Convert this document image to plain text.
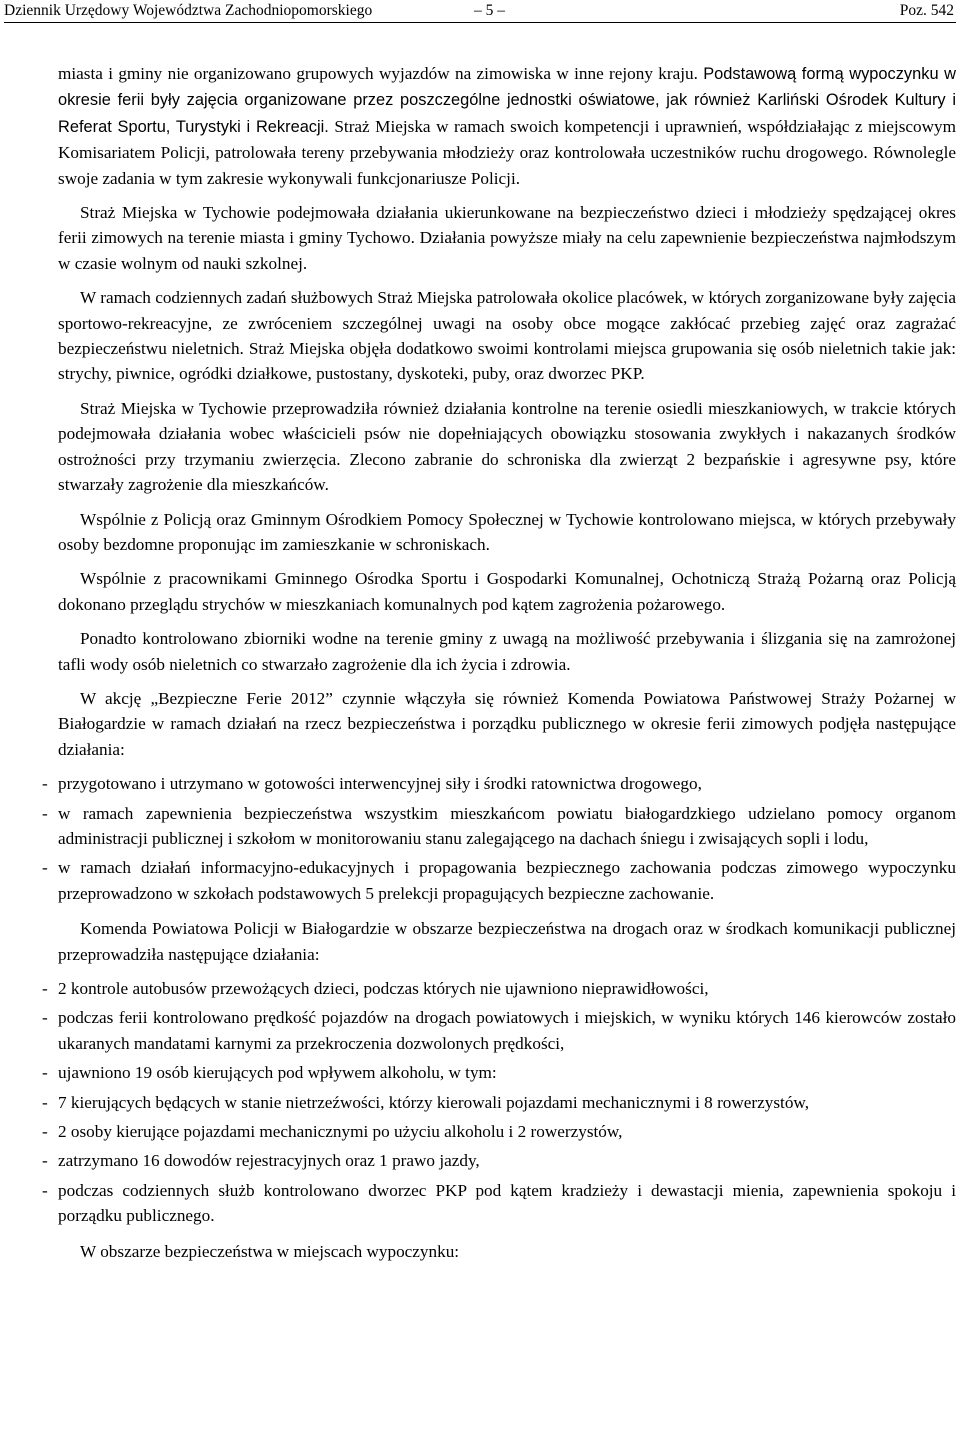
Dziennik Urzędowy Województwa Zachodniopomorskiego	– 5 –	Poz. 542

miasta i gminy nie organizowano grupowych wyjazdów na zimowiska w inne rejony kraju. Podstawową formą wypoczynku w okresie ferii były zajęcia organizowane przez poszczególne jednostki oświatowe, jak również Karliński Ośrodek Kultury i Referat Sportu, Turystyki i Rekreacji. Straż Miejska w ramach swoich kompetencji i uprawnień, współdziałając z miejscowym Komisariatem Policji, patrolowała tereny przebywania młodzieży oraz kontrolowała uczestników ruchu drogowego. Równolegle swoje zadania w tym zakresie wykonywali funkcjonariusze Policji.

Straż Miejska w Tychowie podejmowała działania ukierunkowane na bezpieczeństwo dzieci i młodzieży spędzającej okres ferii zimowych na terenie miasta i gminy Tychowo. Działania powyższe miały na celu zapewnienie bezpieczeństwa najmłodszym w czasie wolnym od nauki szkolnej.

W ramach codziennych zadań służbowych Straż Miejska patrolowała okolice placówek, w których zorganizowane były zajęcia sportowo-rekreacyjne, ze zwróceniem szczególnej uwagi na osoby obce mogące zakłócać przebieg zajęć oraz zagrażać bezpieczeństwu nieletnich. Straż Miejska objęła dodatkowo swoimi kontrolami miejsca grupowania się osób nieletnich takie jak: strychy, piwnice, ogródki działkowe, pustostany, dyskoteki, puby, oraz dworzec PKP.

Straż Miejska w Tychowie przeprowadziła również działania kontrolne na terenie osiedli mieszkaniowych, w trakcie których podejmowała działania wobec właścicieli psów nie dopełniających obowiązku stosowania zwykłych i nakazanych środków ostrożności przy trzymaniu zwierzęcia. Zlecono zabranie do schroniska dla zwierząt 2 bezpańskie i agresywne psy, które stwarzały zagrożenie dla mieszkańców.

Wspólnie z Policją oraz Gminnym Ośrodkiem Pomocy Społecznej w Tychowie kontrolowano miejsca, w których przebywały osoby bezdomne proponując im zamieszkanie w schroniskach.

Wspólnie z pracownikami Gminnego Ośrodka Sportu i Gospodarki Komunalnej, Ochotniczą Strażą Pożarną oraz Policją dokonano przeglądu strychów w mieszkaniach komunalnych pod kątem zagrożenia pożarowego.

Ponadto kontrolowano zbiorniki wodne na terenie gminy z uwagą na możliwość przebywania i ślizgania się na zamrożonej tafli wody osób nieletnich co stwarzało zagrożenie dla ich życia i zdrowia.

W akcję „Bezpieczne Ferie 2012” czynnie włączyła się również Komenda Powiatowa Państwowej Straży Pożarnej w Białogardzie w ramach działań na rzecz bezpieczeństwa i porządku publicznego w okresie ferii zimowych podjęła następujące działania:

- przygotowano i utrzymano w gotowości interwencyjnej siły i środki ratownictwa drogowego,
- w ramach zapewnienia bezpieczeństwa wszystkim mieszkańcom powiatu białogardzkiego udzielano pomocy organom administracji publicznej i szkołom w monitorowaniu stanu zalegającego na dachach śniegu i zwisających sopli i lodu,
- w ramach działań informacyjno-edukacyjnych i propagowania bezpiecznego zachowania podczas zimowego wypoczynku przeprowadzono w szkołach podstawowych 5 prelekcji propagujących bezpieczne zachowanie.

Komenda Powiatowa Policji w Białogardzie w obszarze bezpieczeństwa na drogach oraz w środkach komunikacji publicznej przeprowadziła następujące działania:

- 2 kontrole autobusów przewożących dzieci, podczas których nie ujawniono nieprawidłowości,
- podczas ferii kontrolowano prędkość pojazdów na drogach powiatowych i miejskich, w wyniku których 146 kierowców zostało ukaranych mandatami karnymi za przekroczenia dozwolonych prędkości,
- ujawniono 19 osób kierujących pod wpływem alkoholu, w tym:
- 7 kierujących będących w stanie nietrzeźwości, którzy kierowali pojazdami mechanicznymi i 8 rowerzystów,
- 2 osoby kierujące pojazdami mechanicznymi po użyciu alkoholu i 2 rowerzystów,
- zatrzymano 16 dowodów rejestracyjnych oraz 1 prawo jazdy,
- podczas codziennych służb kontrolowano dworzec PKP pod kątem kradzieży i dewastacji mienia, zapewnienia spokoju i porządku publicznego.

W obszarze bezpieczeństwa w miejscach wypoczynku:
